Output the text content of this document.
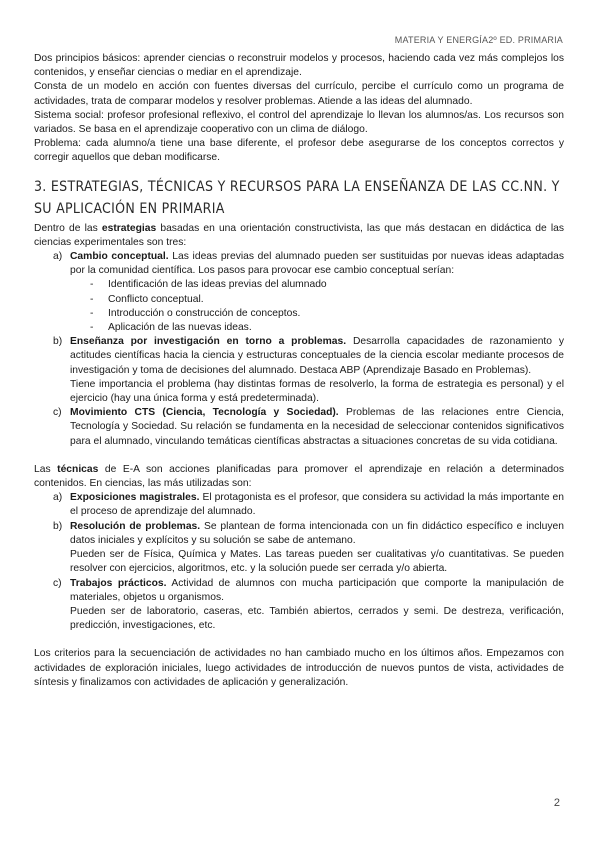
MATERIA Y ENERGÍA2º ED. PRIMARIA

Dos principios básicos: aprender ciencias o reconstruir modelos y procesos, haciendo cada vez más complejos los contenidos, y enseñar ciencias o mediar en el aprendizaje.

Consta de un modelo en acción con fuentes diversas del currículo, percibe el currículo como un programa de actividades, trata de comparar modelos y resolver problemas. Atiende a las ideas del alumnado.

Sistema social: profesor profesional reflexivo, el control del aprendizaje lo llevan los alumnos/as. Los recursos son variados. Se basa en el aprendizaje cooperativo con un clima de diálogo.

Problema: cada alumno/a tiene una base diferente, el profesor debe asegurarse de los conceptos correctos y corregir aquellos que deban modificarse.

3. ESTRATEGIAS, TÉCNICAS Y RECURSOS PARA LA ENSEÑANZA DE LAS CC.NN. Y SU APLICACIÓN EN PRIMARIA

Dentro de las estrategias basadas en una orientación constructivista, las que más destacan en didáctica de las ciencias experimentales son tres:

a) Cambio conceptual. Las ideas previas del alumnado pueden ser sustituidas por nuevas ideas adaptadas por la comunidad científica. Los pasos para provocar ese cambio conceptual serían:
- Identificación de las ideas previas del alumnado
- Conflicto conceptual.
- Introducción o construcción de conceptos.
- Aplicación de las nuevas ideas.
b) Enseñanza por investigación en torno a problemas. Desarrolla capacidades de razonamiento y actitudes científicas hacia la ciencia y estructuras conceptuales de la ciencia escolar mediante procesos de investigación y toma de decisiones del alumnado. Destaca ABP (Aprendizaje Basado en Problemas).
Tiene importancia el problema (hay distintas formas de resolverlo, la forma de estrategia es personal) y el ejercicio (hay una única forma y está predeterminada).
c) Movimiento CTS (Ciencia, Tecnología y Sociedad). Problemas de las relaciones entre Ciencia, Tecnología y Sociedad. Su relación se fundamenta en la necesidad de seleccionar contenidos significativos para el alumnado, vinculando temáticas científicas abstractas a situaciones concretas de su vida cotidiana.

Las técnicas de E-A son acciones planificadas para promover el aprendizaje en relación a determinados contenidos. En ciencias, las más utilizadas son:

a) Exposiciones magistrales. El protagonista es el profesor, que considera su actividad la más importante en el proceso de aprendizaje del alumnado.
b) Resolución de problemas. Se plantean de forma intencionada con un fin didáctico específico e incluyen datos iniciales y explícitos y su solución se sabe de antemano.
Pueden ser de Física, Química y Mates. Las tareas pueden ser cualitativas y/o cuantitativas. Se pueden resolver con ejercicios, algoritmos, etc. y la solución puede ser cerrada y/o abierta.
c) Trabajos prácticos. Actividad de alumnos con mucha participación que comporte la manipulación de materiales, objetos u organismos.
Pueden ser de laboratorio, caseras, etc. También abiertos, cerrados y semi. De destreza, verificación, predicción, investigaciones, etc.

Los criterios para la secuenciación de actividades no han cambiado mucho en los últimos años. Empezamos con actividades de exploración iniciales, luego actividades de introducción de nuevos puntos de vista, actividades de síntesis y finalizamos con actividades de aplicación y generalización.

2
